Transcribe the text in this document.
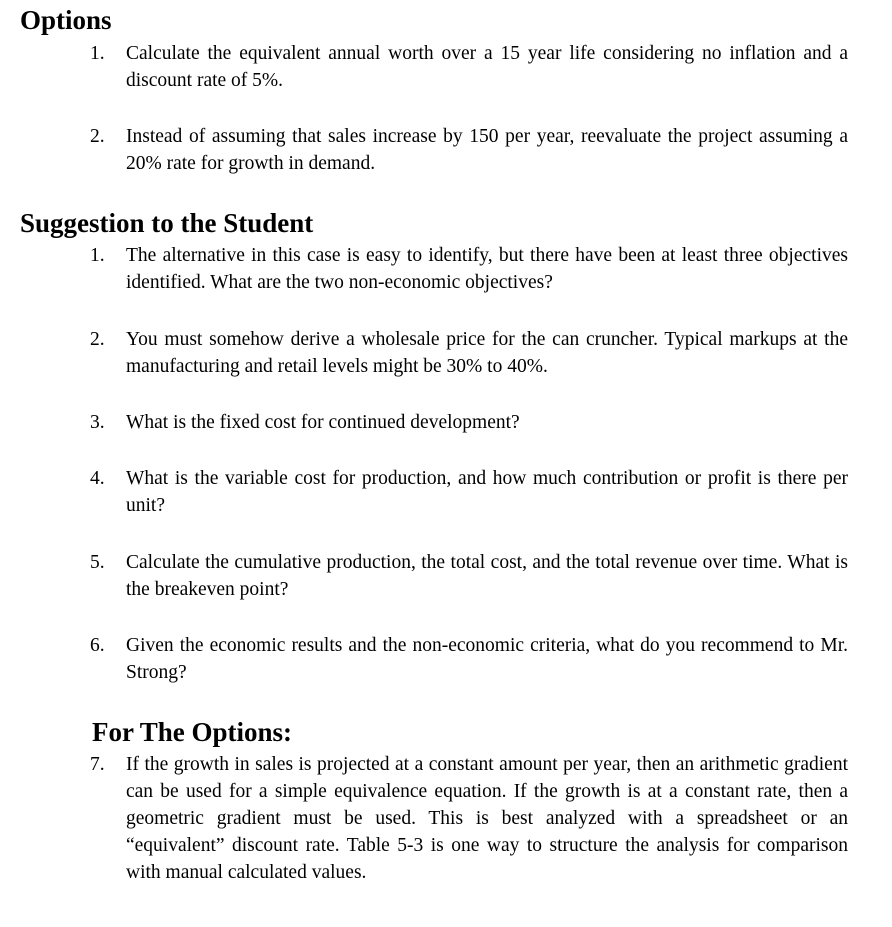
Options
1.	Calculate the equivalent annual worth over a 15 year life considering no inflation and a discount rate of 5%.
2.	Instead of assuming that sales increase by 150 per year, reevaluate the project assuming a 20% rate for growth in demand.
Suggestion to the Student
1.	The alternative in this case is easy to identify, but there have been at least three objectives identified. What are the two non-economic objectives?
2.	You must somehow derive a wholesale price for the can cruncher. Typical markups at the manufacturing and retail levels might be 30% to 40%.
3.	What is the fixed cost for continued development?
4.	What is the variable cost for production, and how much contribution or profit is there per unit?
5.	Calculate the cumulative production, the total cost, and the total revenue over time. What is the breakeven point?
6.	Given the economic results and the non-economic criteria, what do you recommend to Mr. Strong?
For The Options:
7.	If the growth in sales is projected at a constant amount per year, then an arithmetic gradient can be used for a simple equivalence equation. If the growth is at a constant rate, then a geometric gradient must be used. This is best analyzed with a spreadsheet or an “equivalent” discount rate. Table 5-3 is one way to structure the analysis for comparison with manual calculated values.
